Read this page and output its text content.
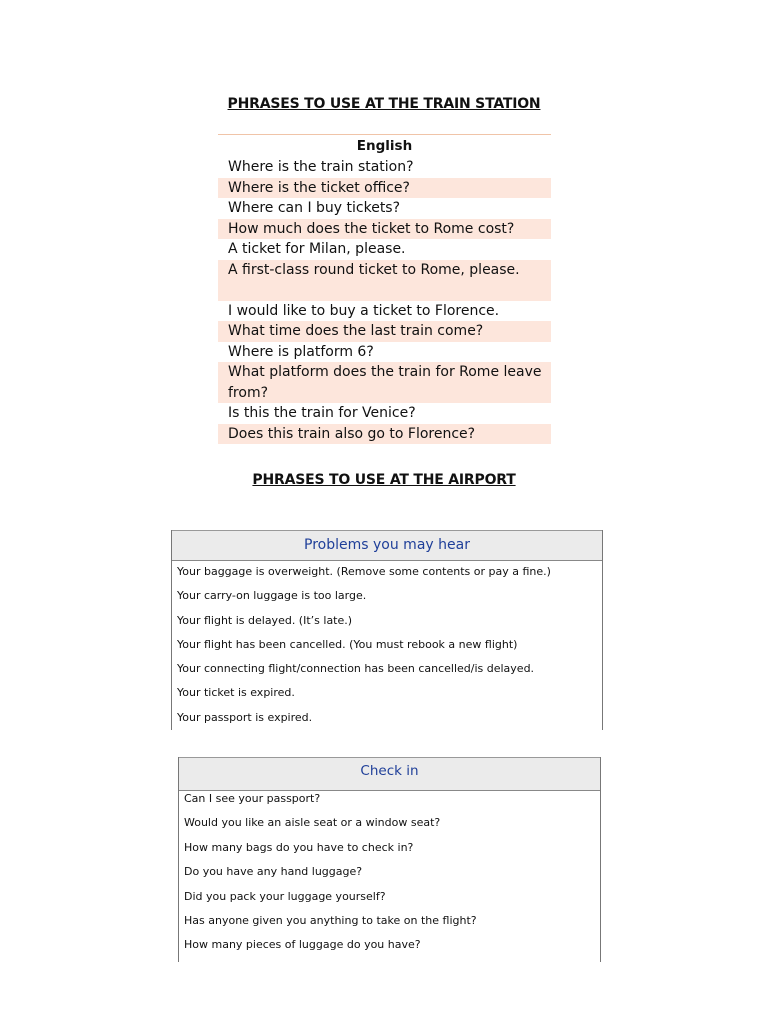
PHRASES TO USE AT THE TRAIN STATION
English
Where is the train station?
Where is the ticket office?
Where can I buy tickets?
How much does the ticket to Rome cost?
A ticket for Milan, please.
A first-class round ticket to Rome, please.
I would like to buy a ticket to Florence.
What time does the last train come?
Where is platform 6?
What platform does the train for Rome leave from?
Is this the train for Venice?
Does this train also go to Florence?
PHRASES TO USE AT THE AIRPORT
Problems you may hear
Your baggage is overweight. (Remove some contents or pay a fine.)
Your carry-on luggage is too large.
Your flight is delayed. (It’s late.)
Your flight has been cancelled. (You must rebook a new flight)
Your connecting flight/connection has been cancelled/is delayed.
Your ticket is expired.
Your passport is expired.
Check in
Can I see your passport?
Would you like an aisle seat or a window seat?
How many bags do you have to check in?
Do you have any hand luggage?
Did you pack your luggage yourself?
Has anyone given you anything to take on the flight?
How many pieces of luggage do you have?
